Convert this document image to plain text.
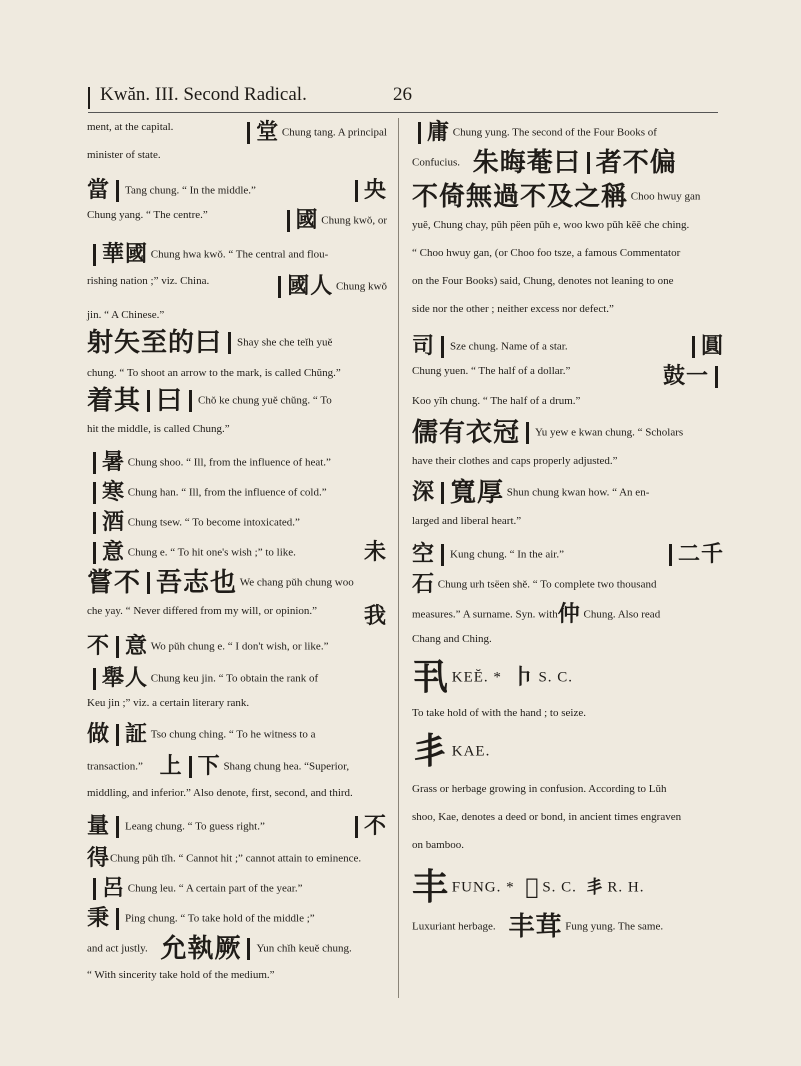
Kwăn. III. Second Radical.	26
ment, at the capital.	堂 Chung tang. A principal
minister of state.
當 Tang chung. “ In the middle.”	央
Chung yang. “ The centre.”	國 Chung kwŏ, or
華國 Chung hwa kwŏ. “ The central and flou-
rishing nation ;” viz. China.	國人 Chung kwŏ
jin. “ A Chinese.”
射矢至的曰 Shay she che teĭh yuĕ
chung. “ To shoot an arrow to the mark, is called Chŭng.”
着其 曰 Chŏ ke chung yuĕ chŭng. “ To
hit the middle, is called Chung.”
暑 Chung shoo. “ Ill, from the influence of heat.”
寒 Chung han. “ Ill, from the influence of cold.”
酒 Chung tsew. “ To become intoxicated.”
意 Chung e. “ To hit one's wish ;” to like.	未
嘗不 吾志也 We chang pŭh chung woo
che yay. “ Never differed from my will, or opinion.” 我
不 意 Wo pŭh chung e. “ I don't wish, or like.”
舉人 Chung keu jin. “ To obtain the rank of
Keu jin ;” viz. a certain literary rank.
做 証 Tso chung ching. “ To he witness to a
transaction.” 上 下 Shang chung hea. “Superior,
middling, and inferior.” Also denote, first, second, and third.
量 Leang chung. “ To guess right.”	不
得Chung pŭh tĭh. “ Cannot hit ;” cannot attain to eminence.
呂 Chung leu. “ A certain part of the year.”
秉 Ping chung. “ To take hold of the middle ;”
and act justly. 允執厥 Yun chĭh keuĕ chung.
“ With sincerity take hold of the medium.”
庸 Chung yung. The second of the Four Books of
Confucius. 朱晦菴曰 者不偏
不倚無過不及之稱 Choo hwuy gan
yuĕ, Chung chay, pŭh pëen pŭh e, woo kwo pŭh kĕĕ che ching.
“ Choo hwuy gan, (or Choo foo tsze, a famous Commentator
on the Four Books) said, Chung, denotes not leaning to one
side nor the other ; neither excess nor defect.”
司 Sze chung. Name of a star.	圓
Chung yuen. “ The half of a dollar.”	鼓一
Koo yĭh chung. “ The half of a drum.”
儒有衣冠 Yu yew e kwan chung. “ Scholars
have their clothes and caps properly adjusted.”
深 寬厚 Shun chung kwan how. “ An en-
larged and liberal heart.”
空 Kung chung. “ In the air.”	二千
石 Chung urh tsëen shĕ. “ To complete two thousand
measures.” A surname. Syn. with仲 Chung. Also read
Chang and Ching.
丮 KEĔ. * 𠁡 S. C.
To take hold of with the hand ; to seize.
丯 KAE.
Grass or herbage growing in confusion. According to Lŭh
shoo, Kae, denotes a deed or bond, in ancient times engraven
on bamboo.
丰 FUNG. * 𡴀 S. C. 丯 R. H.
Luxuriant herbage. 丰茸 Fung yung. The same.
